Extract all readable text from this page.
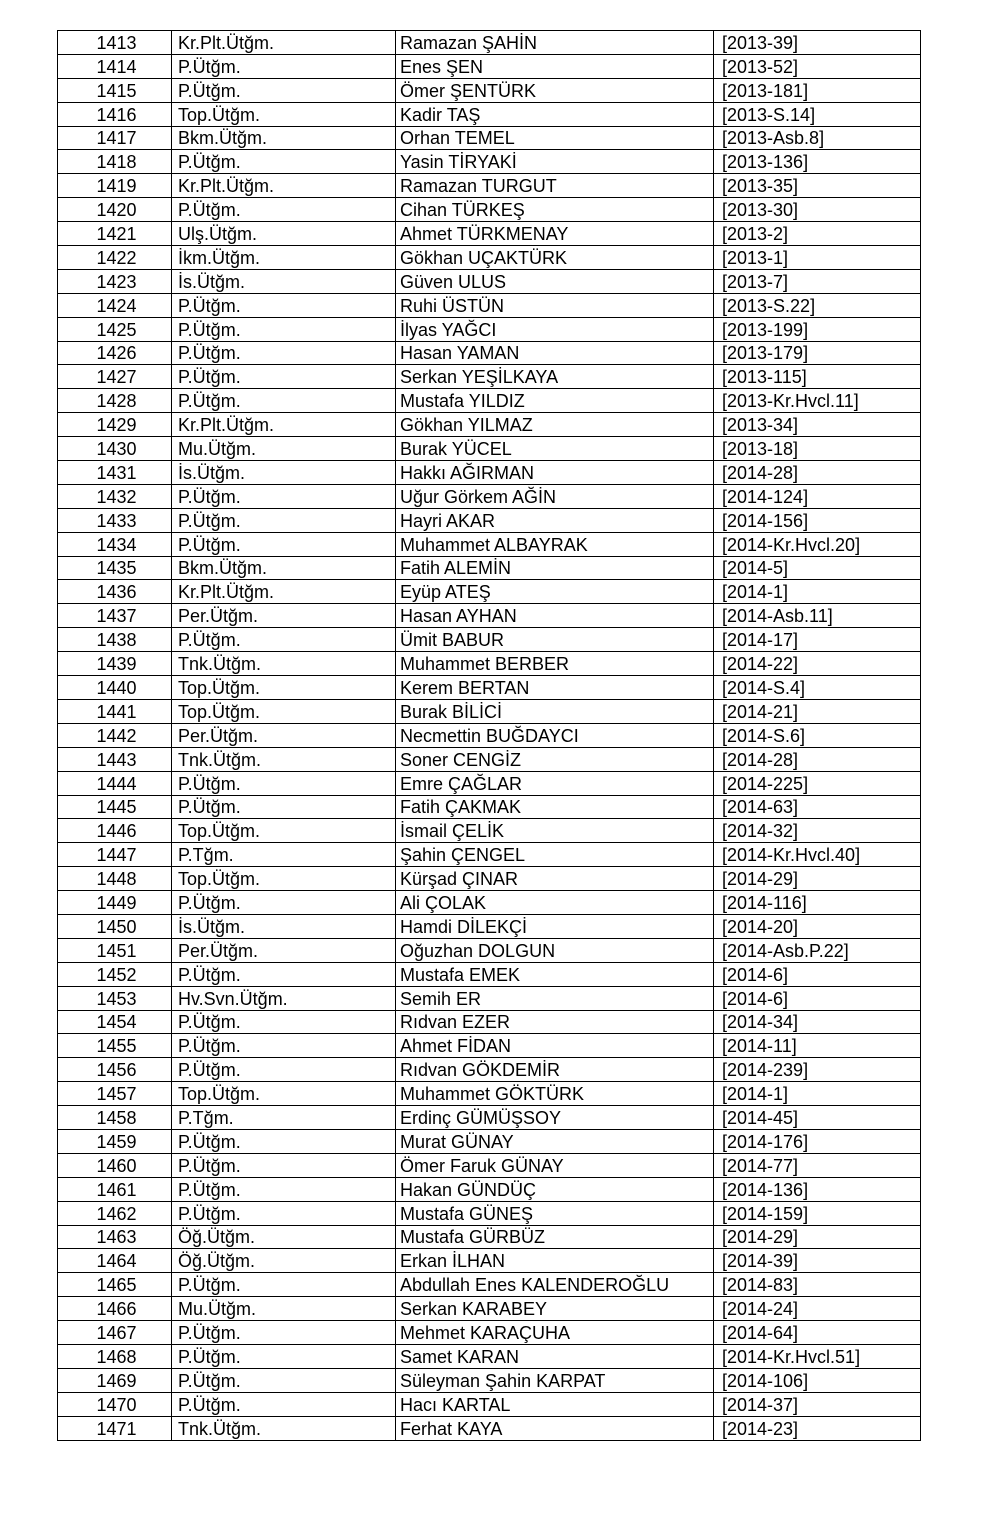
1413	Kr.Plt.Ütğm.	Ramazan ŞAHİN	[2013-39]
1414	P.Ütğm.	Enes ŞEN	[2013-52]
1415	P.Ütğm.	Ömer ŞENTÜRK	[2013-181]
1416	Top.Ütğm.	Kadir TAŞ	[2013-S.14]
1417	Bkm.Ütğm.	Orhan TEMEL	[2013-Asb.8]
1418	P.Ütğm.	Yasin TİRYAKİ	[2013-136]
1419	Kr.Plt.Ütğm.	Ramazan TURGUT	[2013-35]
1420	P.Ütğm.	Cihan TÜRKEŞ	[2013-30]
1421	Ulş.Ütğm.	Ahmet TÜRKMENAY	[2013-2]
1422	İkm.Ütğm.	Gökhan UÇAKTÜRK	[2013-1]
1423	İs.Ütğm.	Güven ULUS	[2013-7]
1424	P.Ütğm.	Ruhi ÜSTÜN	[2013-S.22]
1425	P.Ütğm.	İlyas YAĞCI	[2013-199]
1426	P.Ütğm.	Hasan YAMAN	[2013-179]
1427	P.Ütğm.	Serkan YEŞİLKAYA	[2013-115]
1428	P.Ütğm.	Mustafa YILDIZ	[2013-Kr.Hvcl.11]
1429	Kr.Plt.Ütğm.	Gökhan YILMAZ	[2013-34]
1430	Mu.Ütğm.	Burak YÜCEL	[2013-18]
1431	İs.Ütğm.	Hakkı AĞIRMAN	[2014-28]
1432	P.Ütğm.	Uğur Görkem AĞİN	[2014-124]
1433	P.Ütğm.	Hayri AKAR	[2014-156]
1434	P.Ütğm.	Muhammet ALBAYRAK	[2014-Kr.Hvcl.20]
1435	Bkm.Ütğm.	Fatih ALEMİN	[2014-5]
1436	Kr.Plt.Ütğm.	Eyüp ATEŞ	[2014-1]
1437	Per.Ütğm.	Hasan AYHAN	[2014-Asb.11]
1438	P.Ütğm.	Ümit BABUR	[2014-17]
1439	Tnk.Ütğm.	Muhammet BERBER	[2014-22]
1440	Top.Ütğm.	Kerem BERTAN	[2014-S.4]
1441	Top.Ütğm.	Burak BİLİCİ	[2014-21]
1442	Per.Ütğm.	Necmettin BUĞDAYCI	[2014-S.6]
1443	Tnk.Ütğm.	Soner CENGİZ	[2014-28]
1444	P.Ütğm.	Emre ÇAĞLAR	[2014-225]
1445	P.Ütğm.	Fatih ÇAKMAK	[2014-63]
1446	Top.Ütğm.	İsmail ÇELİK	[2014-32]
1447	P.Tğm.	Şahin ÇENGEL	[2014-Kr.Hvcl.40]
1448	Top.Ütğm.	Kürşad ÇINAR	[2014-29]
1449	P.Ütğm.	Ali ÇOLAK	[2014-116]
1450	İs.Ütğm.	Hamdi DİLEKÇİ	[2014-20]
1451	Per.Ütğm.	Oğuzhan DOLGUN	[2014-Asb.P.22]
1452	P.Ütğm.	Mustafa EMEK	[2014-6]
1453	Hv.Svn.Ütğm.	Semih ER	[2014-6]
1454	P.Ütğm.	Rıdvan EZER	[2014-34]
1455	P.Ütğm.	Ahmet FİDAN	[2014-11]
1456	P.Ütğm.	Rıdvan GÖKDEMİR	[2014-239]
1457	Top.Ütğm.	Muhammet GÖKTÜRK	[2014-1]
1458	P.Tğm.	Erdinç GÜMÜŞSOY	[2014-45]
1459	P.Ütğm.	Murat GÜNAY	[2014-176]
1460	P.Ütğm.	Ömer Faruk GÜNAY	[2014-77]
1461	P.Ütğm.	Hakan GÜNDÜÇ	[2014-136]
1462	P.Ütğm.	Mustafa GÜNEŞ	[2014-159]
1463	Öğ.Ütğm.	Mustafa GÜRBÜZ	[2014-29]
1464	Öğ.Ütğm.	Erkan İLHAN	[2014-39]
1465	P.Ütğm.	Abdullah Enes KALENDEROĞLU	[2014-83]
1466	Mu.Ütğm.	Serkan KARABEY	[2014-24]
1467	P.Ütğm.	Mehmet KARAÇUHA	[2014-64]
1468	P.Ütğm.	Samet KARAN	[2014-Kr.Hvcl.51]
1469	P.Ütğm.	Süleyman Şahin KARPAT	[2014-106]
1470	P.Ütğm.	Hacı KARTAL	[2014-37]
1471	Tnk.Ütğm.	Ferhat KAYA	[2014-23]
